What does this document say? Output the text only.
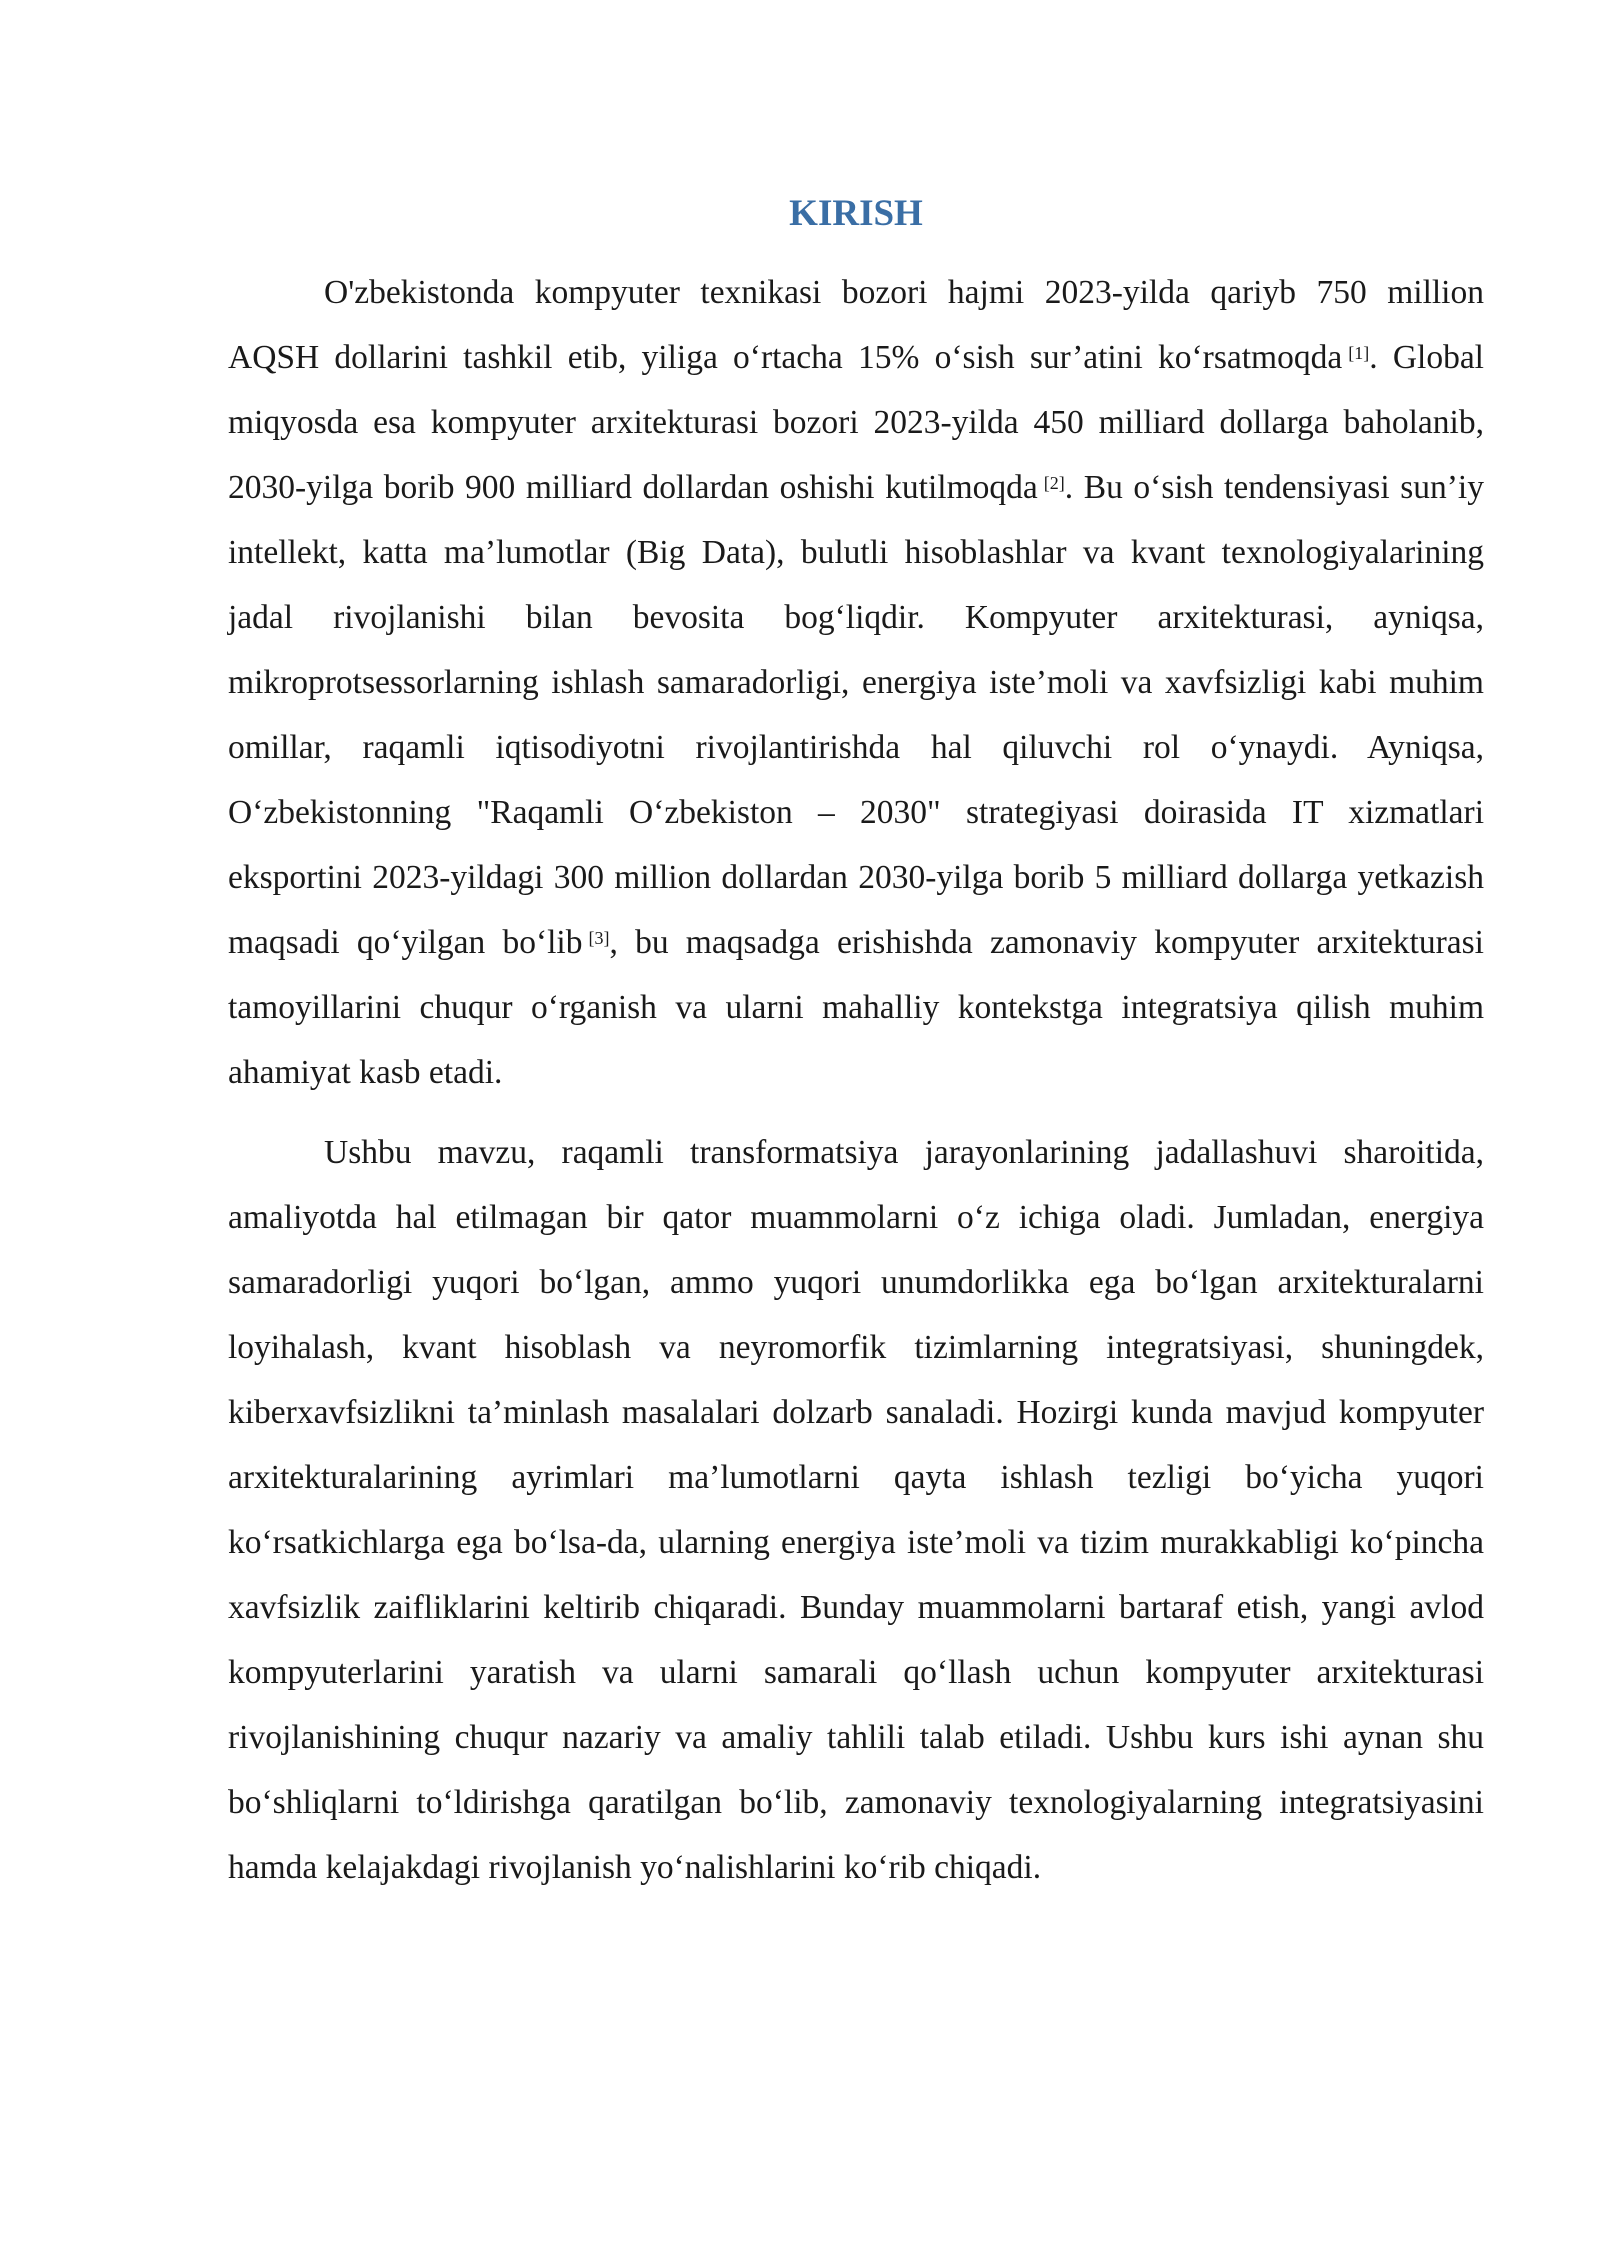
KIRISH

O'zbekistonda kompyuter texnikasi bozori hajmi 2023-yilda qariyb 750 million AQSH dollarini tashkil etib, yiliga o‘rtacha 15% o‘sish sur’atini ko‘rsatmoqda [1]. Global miqyosda esa kompyuter arxitekturasi bozori 2023-yilda 450 milliard dollarga baholanib, 2030-yilga borib 900 milliard dollardan oshishi kutilmoqda [2]. Bu o‘sish tendensiyasi sun’iy intellekt, katta ma’lumotlar (Big Data), bulutli hisoblashlar va kvant texnologiyalarining jadal rivojlanishi bilan bevosita bog‘liqdir. Kompyuter arxitekturasi, ayniqsa, mikroprotsessorlarning ishlash samaradorligi, energiya iste’moli va xavfsizligi kabi muhim omillar, raqamli iqtisodiyotni rivojlantirishda hal qiluvchi rol o‘ynaydi. Ayniqsa, O‘zbekistonning "Raqamli O‘zbekiston – 2030" strategiyasi doirasida IT xizmatlari eksportini 2023-yildagi 300 million dollardan 2030-yilga borib 5 milliard dollarga yetkazish maqsadi qo‘yilgan bo‘lib [3], bu maqsadga erishishda zamonaviy kompyuter arxitekturasi tamoyillarini chuqur o‘rganish va ularni mahalliy kontekstga integratsiya qilish muhim ahamiyat kasb etadi.

Ushbu mavzu, raqamli transformatsiya jarayonlarining jadallashuvi sharoitida, amaliyotda hal etilmagan bir qator muammolarni o‘z ichiga oladi. Jumladan, energiya samaradorligi yuqori bo‘lgan, ammo yuqori unumdorlikka ega bo‘lgan arxitekturalarni loyihalash, kvant hisoblash va neyromorfik tizimlarning integratsiyasi, shuningdek, kiberxavfsizlikni ta’minlash masalalari dolzarb sanaladi. Hozirgi kunda mavjud kompyuter arxitekturalarining ayrimlari ma’lumotlarni qayta ishlash tezligi bo‘yicha yuqori ko‘rsatkichlarga ega bo‘lsa-da, ularning energiya iste’moli va tizim murakkabligi ko‘pincha xavfsizlik zaifliklarini keltirib chiqaradi. Bunday muammolarni bartaraf etish, yangi avlod kompyuterlarini yaratish va ularni samarali qo‘llash uchun kompyuter arxitekturasi rivojlanishining chuqur nazariy va amaliy tahlili talab etiladi. Ushbu kurs ishi aynan shu bo‘shliqlarni to‘ldirishga qaratilgan bo‘lib, zamonaviy texnologiyalarning integratsiyasini hamda kelajakdagi rivojlanish yo‘nalishlarini ko‘rib chiqadi.
